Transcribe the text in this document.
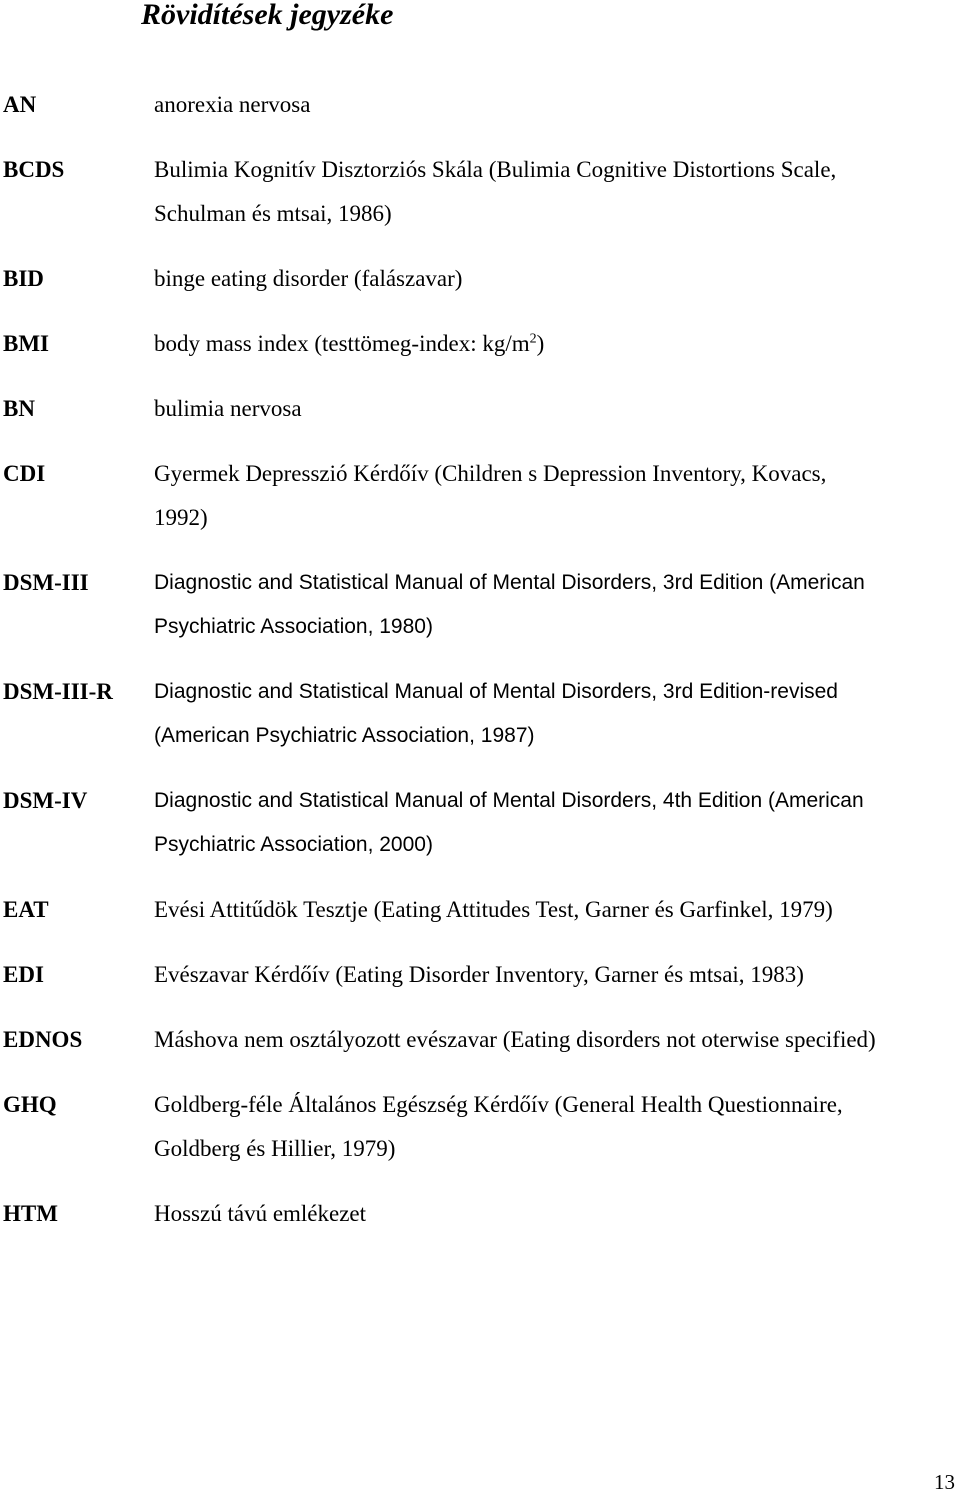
Rövidítések jegyzéke
AN	anorexia nervosa
BCDS	Bulimia Kognitív Disztorziós Skála (Bulimia Cognitive Distortions Scale,
Schulman és mtsai, 1986)
BID	binge eating disorder (falászavar)
BMI	body mass index (testtömeg-index: $kg/m^2$)
BN	bulimia nervosa
CDI	Gyermek Depresszió Kérdőív (Children s Depression Inventory, Kovacs,
1992)
DSM-III	Diagnostic and Statistical Manual of Mental Disorders, 3rd Edition (American
Psychiatric Association, 1980)
DSM-III-R Diagnostic and Statistical Manual of Mental Disorders, 3rd Edition-revised
(American Psychiatric Association, 1987)
DSM-IV	Diagnostic and Statistical Manual of Mental Disorders, 4th Edition (American
Psychiatric Association, 2000)
EAT	Evési Attitűdök Tesztje (Eating Attitudes Test, Garner és Garfinkel, 1979)
EDI	Evészavar Kérdőív (Eating Disorder Inventory, Garner és mtsai, 1983)
EDNOS	Máshova nem osztályozott evészavar (Eating disorders not oterwise specified)
GHQ	Goldberg-féle Általános Egészség Kérdőív (General Health Questionnaire,
Goldberg és Hillier, 1979)
HTM	Hosszú távú emlékezet
13
